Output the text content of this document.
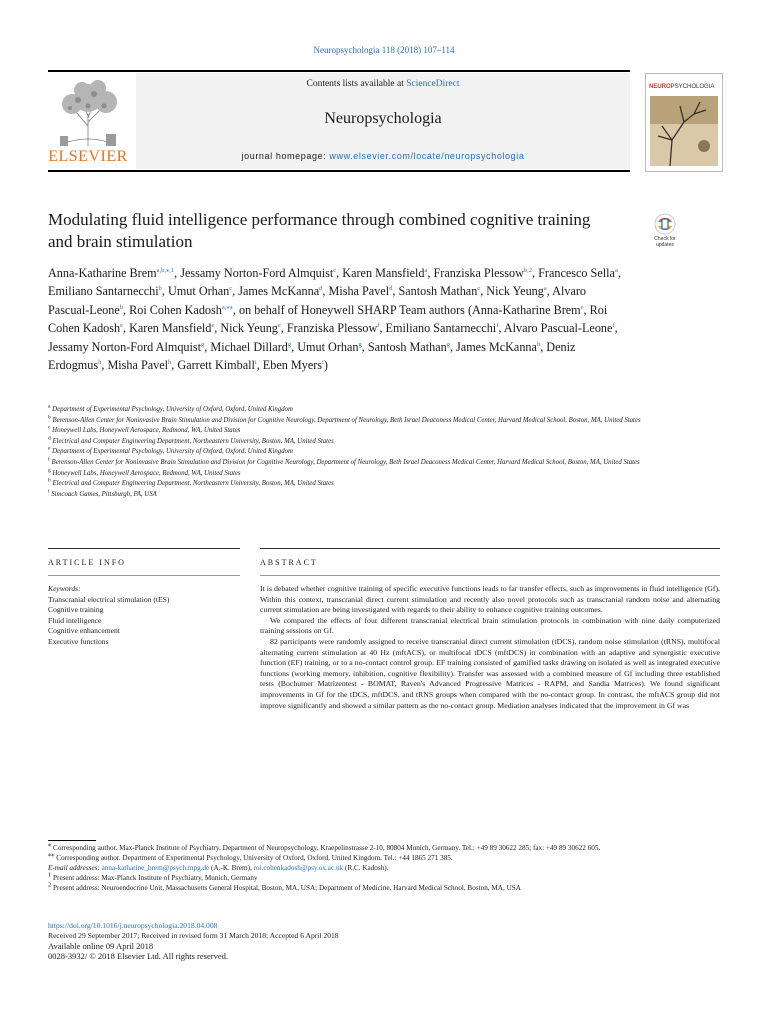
Neuropsychologia 118 (2018) 107–114
ELSEVIER
Contents lists available at ScienceDirect
Neuropsychologia
journal homepage: www.elsevier.com/locate/neuropsychologia
NEUROPSYCHOLOGIA
Modulating fluid intelligence performance through combined cognitive training and brain stimulation	Check for
updates
Anna-Katharine Brem$^{a,b,⁎,1}$, Jessamy Norton-Ford Almquist$^c$, Karen Mansfield$^a$, Franziska Plessow$^{b,2}$, Francesco Sella$^a$, Emiliano Santarnecchi$^b$, Umut Orhan$^c$, James McKanna$^d$, Misha Pavel$^d$, Santosh Mathan$^c$, Nick Yeung$^a$, Alvaro Pascual-Leone$^b$, Roi Cohen Kadosh$^{a,⁎⁎}$, on behalf of Honeywell SHARP Team authors (Anna-Katharine Brem$^e$, Roi Cohen Kadosh$^e$, Karen Mansfield$^e$, Nick Yeung$^e$, Franziska Plessow$^f$, Emiliano Santarnecchi$^f$, Alvaro Pascual-Leone$^f$, Jessamy Norton-Ford Almquist$^g$, Michael Dillard$^g$, Umut Orhan$^g$, Santosh Mathan$^g$, James McKanna$^h$, Deniz Erdogmus$^h$, Misha Pavel$^h$, Garrett Kimball$^i$, Eben Myers$^i$)
$^a$ Department of Experimental Psychology, University of Oxford, Oxford, United Kingdom
$^b$ Berenson-Allen Center for Noninvasive Brain Stimulation and Division for Cognitive Neurology, Department of Neurology, Beth Israel Deaconess Medical Center, Harvard Medical School, Boston, MA, United States
$^c$ Honeywell Labs, Honeywell Aerospace, Redmond, WA, United States
$^d$ Electrical and Computer Engineering Department, Northeastern University, Boston, MA, United States
$^e$ Department of Experimental Psychology, University of Oxford, Oxford, United Kingdom
$^f$ Berenson-Allen Center for Noninvasive Brain Stimulation and Division for Cognitive Neurology, Department of Neurology, Beth Israel Deaconess Medical Center, Harvard Medical School, Boston, MA, United States
$^g$ Honeywell Labs, Honeywell Aerospace, Redmond, WA, United States
$^h$ Electrical and Computer Engineering Department, Northeastern University, Boston, MA, United States
$^i$ Simcoach Games, Pittsburgh, PA, USA
ARTICLE INFO	ABSTRACT
Keywords:
Transcranial electrical stimulation (tES)
Cognitive training
Fluid intelligence
Cognitive enhancement
Executive functions

It is debated whether cognitive training of specific executive functions leads to far transfer effects, such as improvements in fluid intelligence (Gf). Within this context, transcranial direct current stimulation and recently also novel protocols such as transcranial random noise and alternating current stimulation are being investigated with regards to their ability to enhance cognitive training outcomes.

We compared the effects of four different transcranial electrical brain stimulation protocols in combination with nine daily computerized training sessions on Gf.

82 participants were randomly assigned to receive transcranial direct current stimulation (tDCS), random noise stimulation (tRNS), multifocal alternating current stimulation at 40 Hz (mftACS), or multifocal tDCS (mftDCS) in combination with an adaptive and synergistic executive function (EF) training, or to a no-contact control group. EF training consisted of gamified tasks drawing on isolated as well as integrated executive functions (working memory, inhibition, cognitive flexibility). Transfer was assessed with a combined measure of Gf including three established tests (Bochumer Matrizentest - BOMAT, Raven's Advanced Progressive Matrices - RAPM, and Sandia Matrices). We found significant improvements in Gf for the tDCS, mftDCS, and tRNS groups when compared with the no-contact group. In contrast, the mftACS group did not improve significantly and showed a similar pattern as the no-contact group. Mediation analyses indicated that the improvement in Gf was

⁎ Corresponding author. Max-Planck Institute of Psychiatry, Department of Neuropsychology, Kraepelinstrasse 2-10, 80804 Munich, Germany. Tel.: +49 89 30622 285; fax: +49 89 30622 605.

⁎⁎ Corresponding author. Department of Experimental Psychology, University of Oxford, Oxford, United Kingdom. Tel.: +44 1865 271 385.

E-mail addresses: anna-katharine_brem@psych.mpg.de (A.-K. Brem), roi.cohenkadosh@psy.ox.ac.uk (R.C. Kadosh).

$^1$ Present address: Max-Planck Institute of Psychiatry, Munich, Germany

$^2$ Present address: Neuroendocrine Unit, Massachusetts General Hospital, Boston, MA, USA; Department of Medicine, Harvard Medical School, Boston, MA, USA

https://doi.org/10.1016/j.neuropsychologia.2018.04.008
Received 29 September 2017; Received in revised form 31 March 2018; Accepted 6 April 2018
Available online 09 April 2018
0028-3932/ © 2018 Elsevier Ltd. All rights reserved.
